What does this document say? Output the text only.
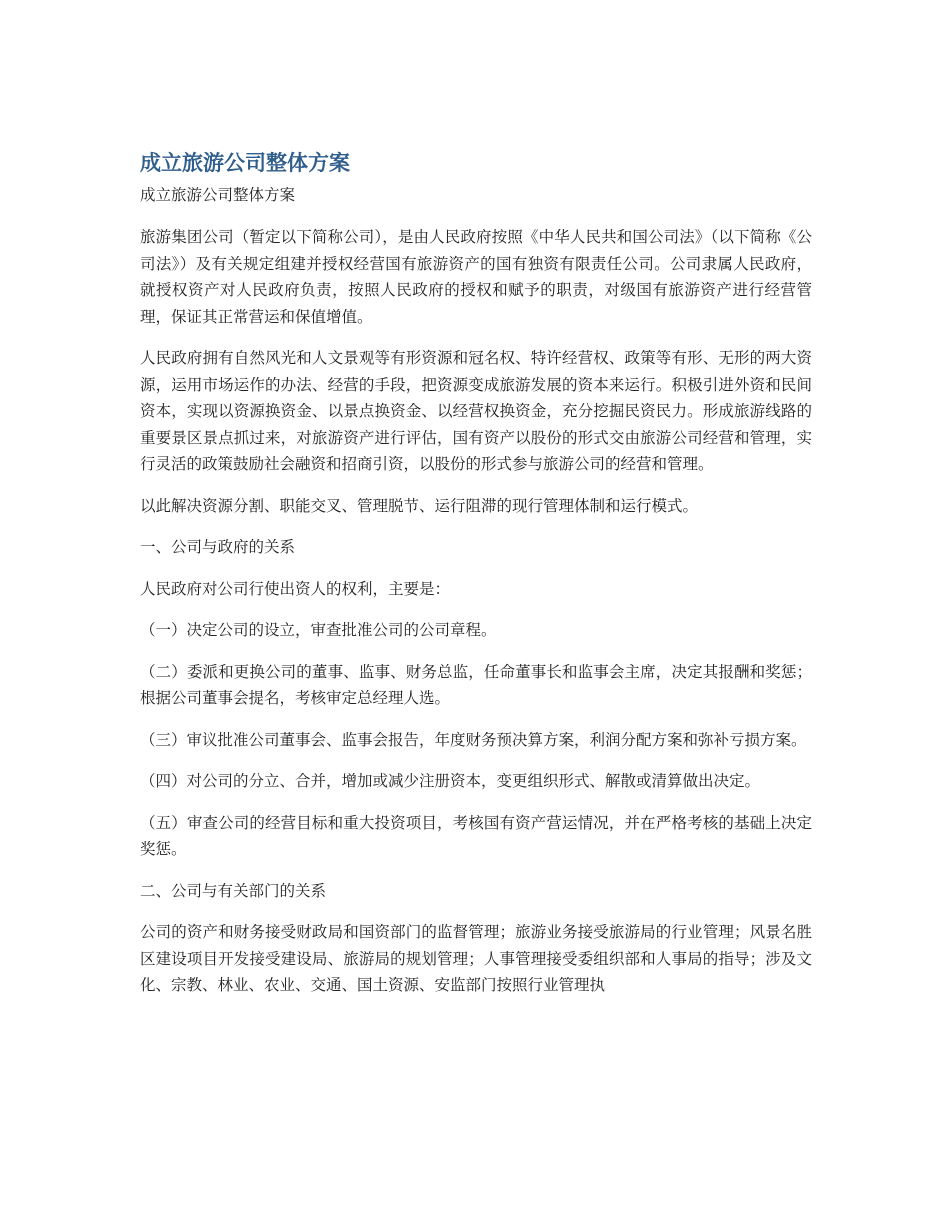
成立旅游公司整体方案
成立旅游公司整体方案

旅游集团公司（暂定以下简称公司），是由人民政府按照《中华人民共和国公司法》（以下简称《公司法》）及有关规定组建并授权经营国有旅游资产的国有独资有限责任公司。公司隶属人民政府，就授权资产对人民政府负责，按照人民政府的授权和赋予的职责，对级国有旅游资产进行经营管理，保证其正常营运和保值增值。

人民政府拥有自然风光和人文景观等有形资源和冠名权、特许经营权、政策等有形、无形的两大资源，运用市场运作的办法、经营的手段，把资源变成旅游发展的资本来运行。积极引进外资和民间资本，实现以资源换资金、以景点换资金、以经营权换资金，充分挖掘民资民力。形成旅游线路的重要景区景点抓过来，对旅游资产进行评估，国有资产以股份的形式交由旅游公司经营和管理，实行灵活的政策鼓励社会融资和招商引资，以股份的形式参与旅游公司的经营和管理。

以此解决资源分割、职能交叉、管理脱节、运行阻滞的现行管理体制和运行模式。

一、公司与政府的关系

人民政府对公司行使出资人的权利，主要是：

（一）决定公司的设立，审查批准公司的公司章程。

（二）委派和更换公司的董事、监事、财务总监，任命董事长和监事会主席，决定其报酬和奖惩；根据公司董事会提名，考核审定总经理人选。

（三）审议批准公司董事会、监事会报告，年度财务预决算方案，利润分配方案和弥补亏损方案。

（四）对公司的分立、合并，增加或减少注册资本，变更组织形式、解散或清算做出决定。

（五）审查公司的经营目标和重大投资项目，考核国有资产营运情况，并在严格考核的基础上决定奖惩。

二、公司与有关部门的关系

公司的资产和财务接受财政局和国资部门的监督管理；旅游业务接受旅游局的行业管理；风景名胜区建设项目开发接受建设局、旅游局的规划管理；人事管理接受委组织部和人事局的指导；涉及文化、宗教、林业、农业、交通、国土资源、安监部门按照行业管理执
